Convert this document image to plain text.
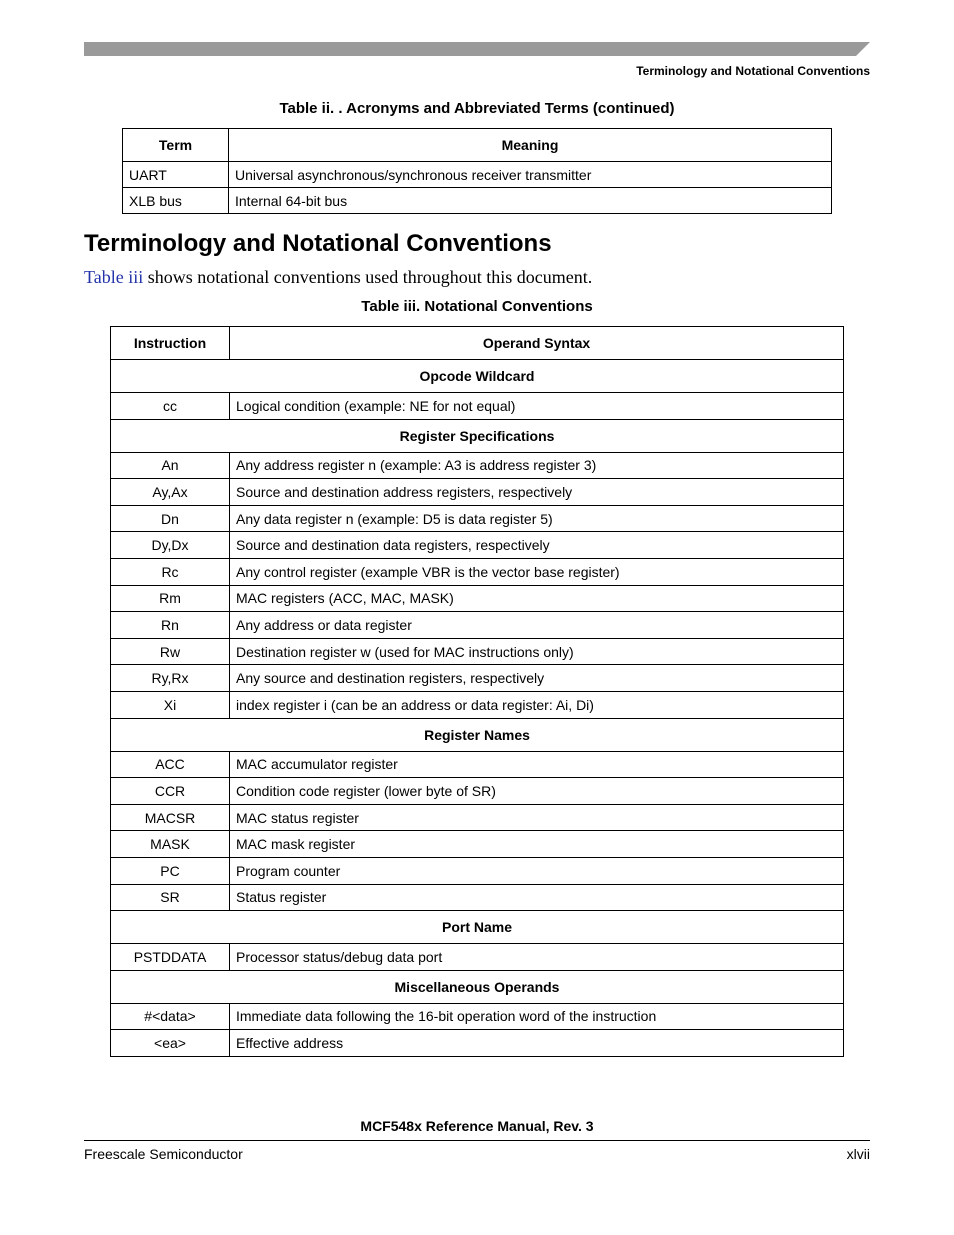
Terminology and Notational Conventions
Table ii. . Acronyms and Abbreviated Terms (continued)
Term	Meaning
UART	Universal asynchronous/synchronous receiver transmitter
XLB bus	Internal 64-bit bus
Terminology and Notational Conventions

Table iii shows notational conventions used throughout this document.

Table iii. Notational Conventions
Instruction	Operand Syntax
Opcode Wildcard	
cc	Logical condition (example: NE for not equal)
Register Specifications	
An	Any address register n (example: A3 is address register 3)
Ay,Ax	Source and destination address registers, respectively
Dn	Any data register n (example: D5 is data register 5)
Dy,Dx	Source and destination data registers, respectively
Rc	Any control register (example VBR is the vector base register)
Rm	MAC registers (ACC, MAC, MASK)
Rn	Any address or data register
Rw	Destination register w (used for MAC instructions only)
Ry,Rx	Any source and destination registers, respectively
Xi	index register i (can be an address or data register: Ai, Di)
Register Names	
ACC	MAC accumulator register
CCR	Condition code register (lower byte of SR)
MACSR	MAC status register
MASK	MAC mask register
PC	Program counter
SR	Status register
Port Name	
PSTDDATA	Processor status/debug data port
Miscellaneous Operands	
#<data>	Immediate data following the 16-bit operation word of the instruction
<ea>	Effective address
MCF548x Reference Manual, Rev. 3
Freescale Semiconductor	xlvii
